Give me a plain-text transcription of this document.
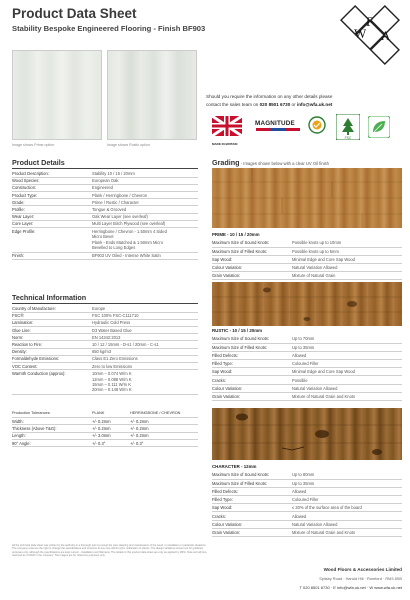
Product Data Sheet
Stability Bespoke Engineered Flooring - Finish BF903	W
F
A
Image shows Prime option	Image shows Rustic option
Should you require the information on any other details please
contact the sales team on 020 8501 6730 or info@wfa.uk.net
MADE IN BRITAIN
MAGNITUDE
FSC
Product Details
Product Description:	Stability 10 / 15 / 20mm
Wood Species:	European Oak
Construction:	Engineered
Product Type:	Plank / Herringbone / Chevron
Grade:	Prime / Rustic / Character
Profile:	Tongue & Grooved
Wear Layer:	Oak Wear Layer (see overleaf)
Core Layer:	Multi Layer Birch Plywood (see overleaf)
Edge Profile:	Herringbone / Chevron - 1.50mm 4 Sided
Micro Bevel
Plank - Ends Matched & 1.50mm Micro
Bevelled to Long Edges

Finish:	BF903 UV Oiled - Intense White Satin
Technical Information
Country of Manufacture:	Europe
FSC®:	FSC 100% FSC-C111710
Lamination:	Hydraulic Cold Press
Glue Line:	D3 Water Based Glue
Norm:	EN 14342:2013
Reaction to Fire:	10 / 12 / 15mm - D-s1 / 20mm - C-s1
Density:	650 kg/m3
Formaldehyde Emissions:	Class E1 Zero Emissions
VOC Content:	Zero to low Emissions
Warmth Conduction (approx):	10mm – 0.074 W/m K
12mm – 0.088 W/m K
15mm – 0.111 W/m K
20mm – 0.148 W/m K
Production Tolerances:	PLANK	HERRINGBONE / CHEVRON
Width:	+/- 0.2mm	+/- 0.2mm
Thickness (Above T&G):	+/- 0.2mm	+/- 0.2mm
Length:	+/- 3.0mm	+/- 0.2mm
90° Angle:	+/- 0.3°	+/- 0.3°
Grading - Images shown below with a clear UV Oil finish
PRIME - 10 / 15 / 20mm
Maximum Size of Sound Knots:	Possible knots up to 10mm
Maximum Size of Filled Knots:	Possible knots up to 5mm
Sap Wood:	Minimal Edge and Core Sap Wood
Colour Variation:	Natural Variation Allowed
Grain Variation:	Mixture of Natural Grain
RUSTIC - 10 / 15 / 20mm
Maximum Size of Sound Knots:	Up to 70mm
Maximum Size of Filled Knots:	Up to 35mm
Filled Defects:	Allowed
Filled Type:	Coloured Filler
Sap Wood:	Minimal Edge and Core Sap Wood
Cracks:	Possible
Colour Variation:	Natural Variation Allowed
Grain Variation:	Mixture of Natural Grain and Knots
CHARACTER - 12mm
Maximum Size of Sound Knots:	Up to 80mm
Maximum Size of Filled Knots:	Up to 35mm
Filled Defects:	Allowed
Filled Type:	Coloured Filler
Sap Wood:	≤ 20% of the surface area of the board
Cracks:	Allowed
Colour Variation:	Natural Variation Allowed
Grain Variation:	Mixture of Natural Grain and Knots
All the technical data sheet was written by the authority in a thorough test rig except the care cleaning and maintenance of the wood, in installation or particular situations. The company reserves the right to change the specifications and structure at any time without prior notification to clients. The design variations shown are for guidance purposes only, although the specifications are kept current - Installation and Warranty. The details in this product data sheet are only as applied by WFA. Note and all time reserved as of 2020 in the company. The images are for reference purposes only.
Wood Floors & Accessories Limited
Spilsby Road · Harold Hill · Romford · RM3 8SB
T 020 8501 6730 · E info@wfa.uk.net · W www.wfa.uk.net
